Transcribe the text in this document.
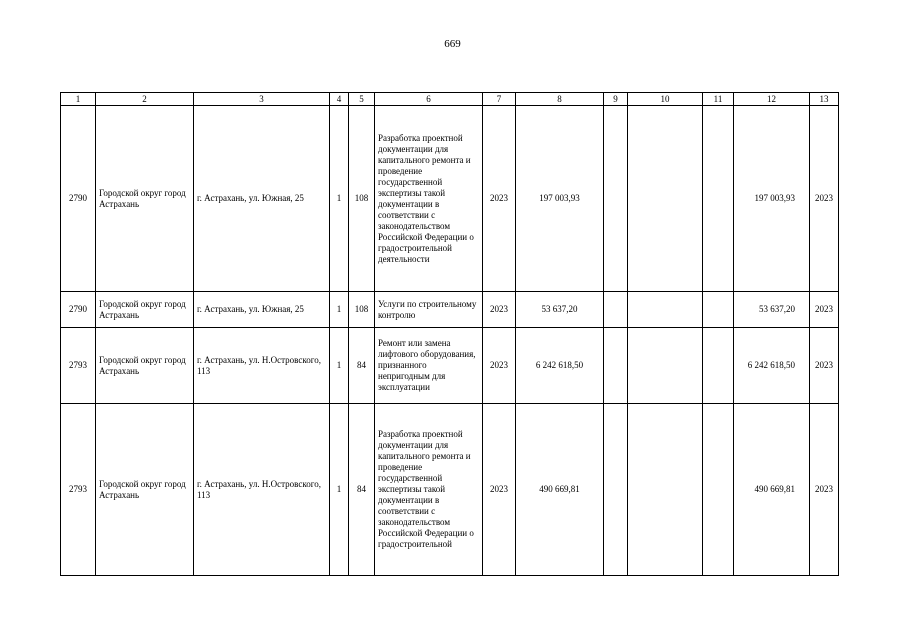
669
1	2	3	4	5	6	7	8	9	10	11	12	13
2790	Городской округ город Астрахань	г. Астрахань, ул. Южная, 25	1	108	Разработка проектной документации для капитального ремонта и проведение государственной экспертизы такой документации в соответствии с законодательством Российской Федерации о градостроительной деятельности	2023	197 003,93				197 003,93	2023
2790	Городской округ город Астрахань	г. Астрахань, ул. Южная, 25	1	108	Услуги по строительному контролю	2023	53 637,20				53 637,20	2023
2793	Городской округ город Астрахань	г. Астрахань, ул. Н.Островского, 113	1	84	Ремонт или замена лифтового оборудования, признанного непригодным для эксплуатации	2023	6 242 618,50				6 242 618,50	2023
2793	Городской округ город Астрахань	г. Астрахань, ул. Н.Островского, 113	1	84	Разработка проектной документации для капитального ремонта и проведение государственной экспертизы такой документации в соответствии с законодательством Российской Федерации о градостроительной	2023	490 669,81				490 669,81	2023
